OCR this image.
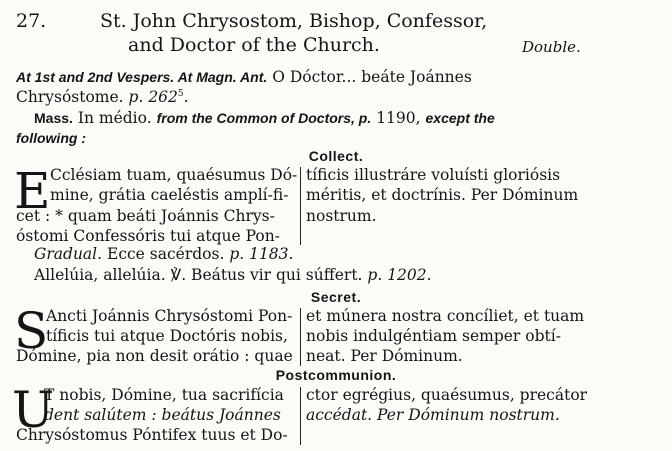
27.	St. John Chrysostom, Bishop, Confessor,
and Doctor of the Church.	Double.
At 1st and 2nd Vespers. At Magn. Ant. O Dóctor... beáte Joánnes
Chrysóstome. p. $262^5$.
Mass. In médio. from the Common of Doctors, p. 1190, except the
following :
Collect.
E Cclésiam tuam, quaésumus Dó-
mine, grátia caeléstis amplí-fi-
cet : * quam beáti Joánnis Chrys-
óstomi Confessóris tui atque Pon-
tíficis illustráre voluísti gloriósis
méritis, et doctrínis. Per Dóminum
nostrum.
Gradual. Ecce sacérdos. p. 1183.
Allelúia, allelúia. ℣. Beátus vir qui súffert. p. 1202.
Secret.
S
Ancti Joánnis Chrysóstomi Pon-
tíficis tui atque Doctóris nobis,
Dómine, pia non desit orátio : quae
et múnera nostra concíliet, et tuam
nobis indulgéntiam semper obtí-
neat. Per Dóminum.
Postcommunion.
U
T nobis, Dómine, tua sacrifícia
dent salútem : beátus Joánnes
Chrysóstomus Póntifex tuus et Do-
ctor egrégius, quaésumus, precátor
accédat. Per Dóminum nostrum.
